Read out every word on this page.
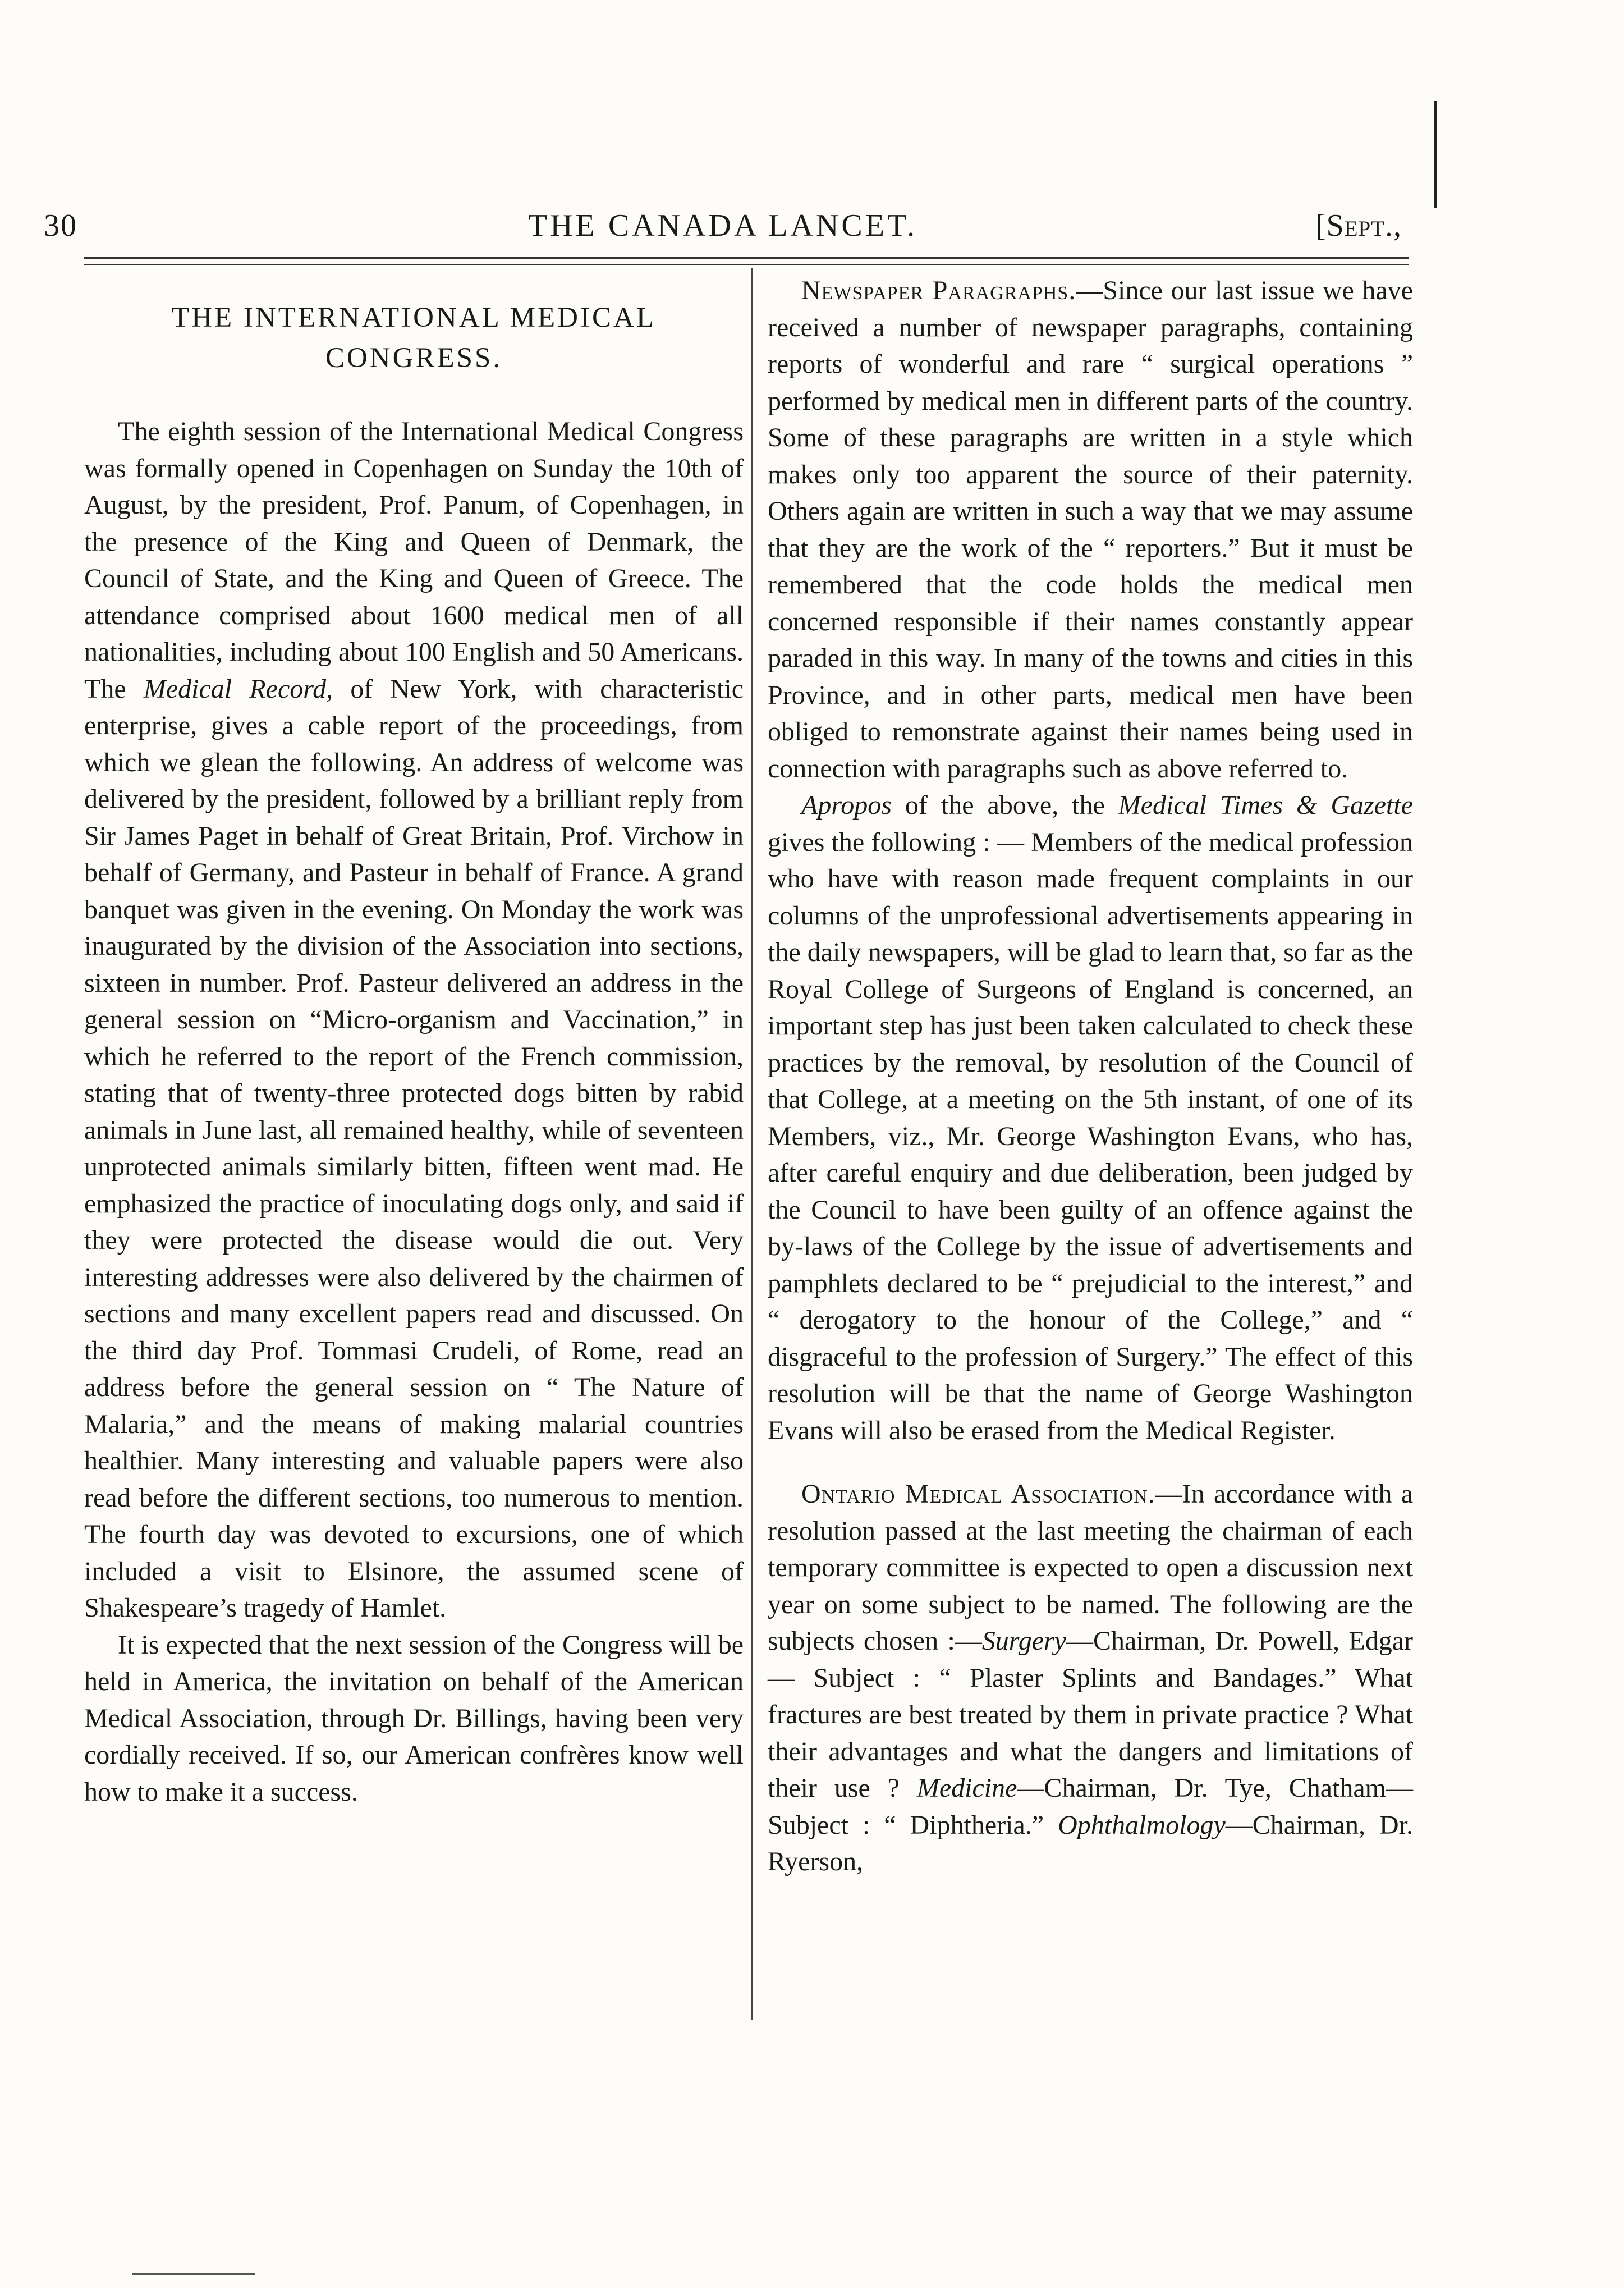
30	THE CANADA LANCET.	[Sept.,
THE INTERNATIONAL MEDICAL CONGRESS.

The eighth session of the International Medical Congress was formally opened in Copenhagen on Sunday the 10th of August, by the president, Prof. Panum, of Copenhagen, in the presence of the King and Queen of Denmark, the Council of State, and the King and Queen of Greece. The attendance comprised about 1600 medical men of all nationalities, including about 100 English and 50 Americans. The Medical Record, of New York, with characteristic enterprise, gives a cable report of the proceedings, from which we glean the following. An address of welcome was delivered by the president, followed by a brilliant reply from Sir James Paget in behalf of Great Britain, Prof. Virchow in behalf of Germany, and Pasteur in behalf of France. A grand banquet was given in the evening. On Monday the work was inaugurated by the division of the Association into sections, sixteen in number. Prof. Pasteur delivered an address in the general session on “Micro-organism and Vaccination,” in which he referred to the report of the French commission, stating that of twenty-three protected dogs bitten by rabid animals in June last, all remained healthy, while of seventeen unprotected animals similarly bitten, fifteen went mad. He emphasized the practice of inoculating dogs only, and said if they were protected the disease would die out. Very interesting addresses were also delivered by the chairmen of sections and many excellent papers read and discussed. On the third day Prof. Tommasi Crudeli, of Rome, read an address before the general session on “ The Nature of Malaria,” and the means of making malarial countries healthier. Many interesting and valuable papers were also read before the different sections, too numerous to mention. The fourth day was devoted to excursions, one of which included a visit to Elsinore, the assumed scene of Shakespeare’s tragedy of Hamlet.

It is expected that the next session of the Congress will be held in America, the invitation on behalf of the American Medical Association, through Dr. Billings, having been very cordially received. If so, our American confrères know well how to make it a success.

Newspaper Paragraphs.—Since our last issue we have received a number of newspaper paragraphs, containing reports of wonderful and rare “ surgical operations ” performed by medical men in different parts of the country. Some of these paragraphs are written in a style which makes only too apparent the source of their paternity. Others again are written in such a way that we may assume that they are the work of the “ reporters.” But it must be remembered that the code holds the medical men concerned responsible if their names constantly appear paraded in this way. In many of the towns and cities in this Province, and in other parts, medical men have been obliged to remonstrate against their names being used in connection with paragraphs such as above referred to.

Apropos of the above, the Medical Times & Gazette gives the following : — Members of the medical profession who have with reason made frequent complaints in our columns of the unprofessional advertisements appearing in the daily newspapers, will be glad to learn that, so far as the Royal College of Surgeons of England is concerned, an important step has just been taken calculated to check these practices by the removal, by resolution of the Council of that College, at a meeting on the 5th instant, of one of its Members, viz., Mr. George Washington Evans, who has, after careful enquiry and due deliberation, been judged by the Council to have been guilty of an offence against the by-laws of the College by the issue of advertisements and pamphlets declared to be “ prejudicial to the interest,” and “ derogatory to the honour of the College,” and “ disgraceful to the profession of Surgery.” The effect of this resolution will be that the name of George Washington Evans will also be erased from the Medical Register.

Ontario Medical Association.—In accordance with a resolution passed at the last meeting the chairman of each temporary committee is expected to open a discussion next year on some subject to be named. The following are the subjects chosen :—Surgery—Chairman, Dr. Powell, Edgar— Subject : “ Plaster Splints and Bandages.” What fractures are best treated by them in private practice ? What their advantages and what the dangers and limitations of their use ? Medicine—Chairman, Dr. Tye, Chatham—Subject : “ Diphtheria.” Ophthalmology—Chairman, Dr. Ryerson,
